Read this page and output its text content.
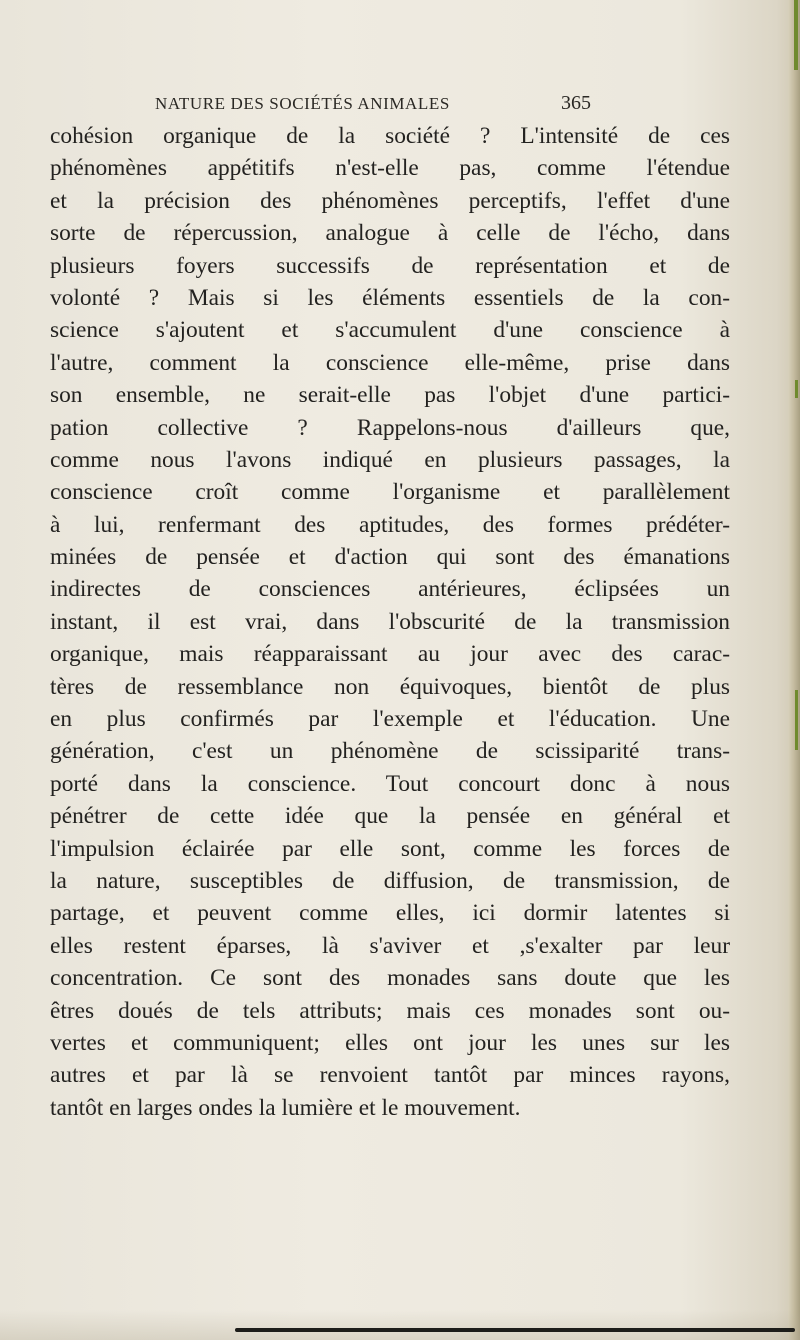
NATURE DES SOCIÉTÉS ANIMALES	365
cohésion organique de la société ? L'intensité de ces
phénomènes appétitifs n'est-elle pas, comme l'étendue
et la précision des phénomènes perceptifs, l'effet d'une
sorte de répercussion, analogue à celle de l'écho, dans
plusieurs foyers successifs de représentation et de
volonté ? Mais si les éléments essentiels de la con-
science s'ajoutent et s'accumulent d'une conscience à
l'autre, comment la conscience elle-même, prise dans
son ensemble, ne serait-elle pas l'objet d'une partici-
pation collective ? Rappelons-nous d'ailleurs que,
comme nous l'avons indiqué en plusieurs passages, la
conscience croît comme l'organisme et parallèlement
à lui, renfermant des aptitudes, des formes prédéter-
minées de pensée et d'action qui sont des émanations
indirectes de consciences antérieures, éclipsées un
instant, il est vrai, dans l'obscurité de la transmission
organique, mais réapparaissant au jour avec des carac-
tères de ressemblance non équivoques, bientôt de plus
en plus confirmés par l'exemple et l'éducation. Une
génération, c'est un phénomène de scissiparité trans-
porté dans la conscience. Tout concourt donc à nous
pénétrer de cette idée que la pensée en général et
l'impulsion éclairée par elle sont, comme les forces de
la nature, susceptibles de diffusion, de transmission, de
partage, et peuvent comme elles, ici dormir latentes si
elles restent éparses, là s'aviver et ,s'exalter par leur
concentration. Ce sont des monades sans doute que les
êtres doués de tels attributs; mais ces monades sont ou-
vertes et communiquent; elles ont jour les unes sur les
autres et par là se renvoient tantôt par minces rayons,
tantôt en larges ondes la lumière et le mouvement.
